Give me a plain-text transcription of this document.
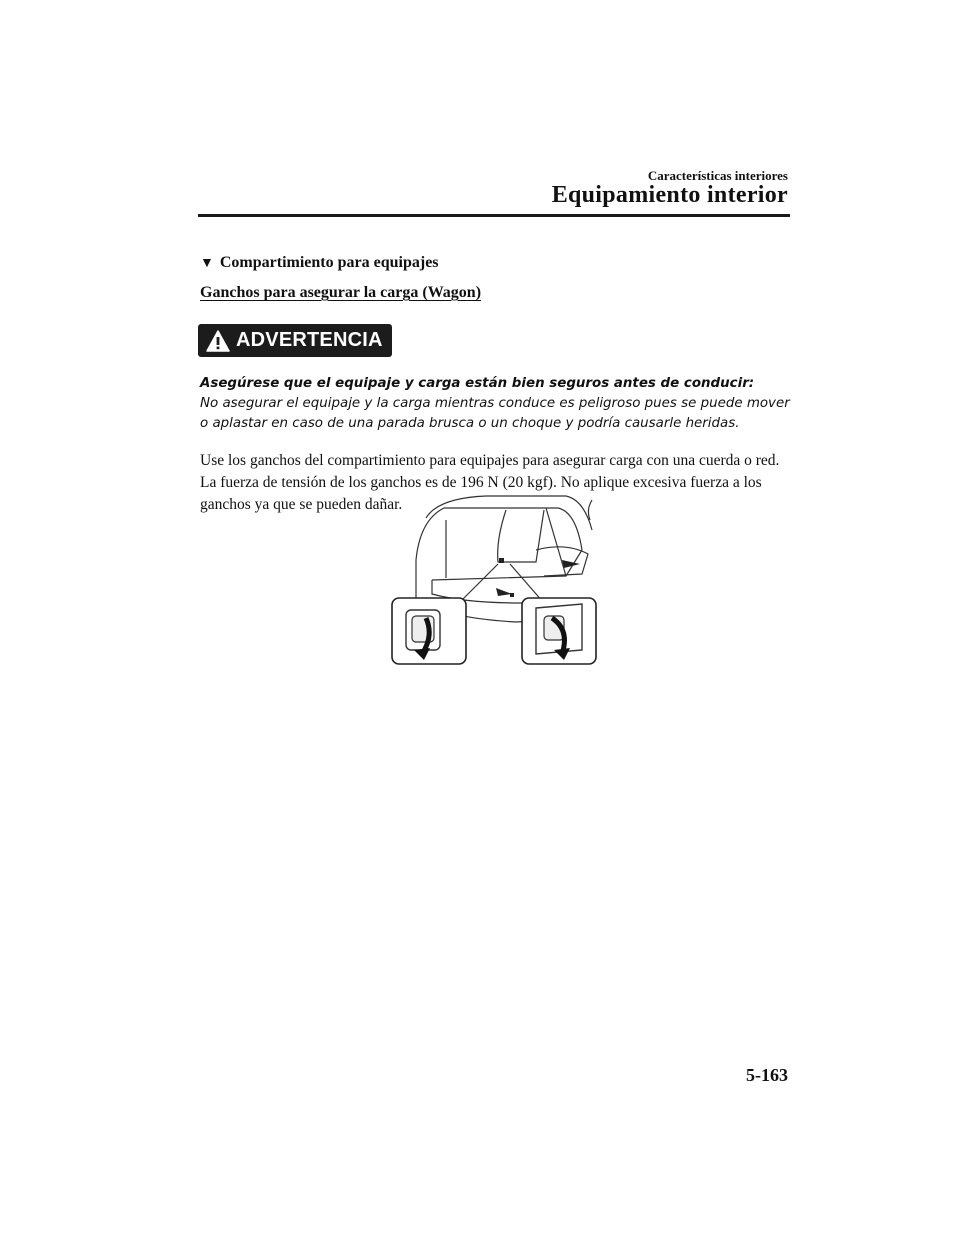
Características interiores
Equipamiento interior
▼ Compartimiento para equipajes
Ganchos para asegurar la carga (Wagon)
ADVERTENCIA
Asegúrese que el equipaje y carga están bien seguros antes de conducir:
No asegurar el equipaje y la carga mientras conduce es peligroso pues se puede mover o aplastar en caso de una parada brusca o un choque y podría causarle heridas.
Use los ganchos del compartimiento para equipajes para asegurar carga con una cuerda o red. La fuerza de tensión de los ganchos es de 196 N (20 kgf). No aplique excesiva fuerza a los ganchos ya que se pueden dañar.
5-163
